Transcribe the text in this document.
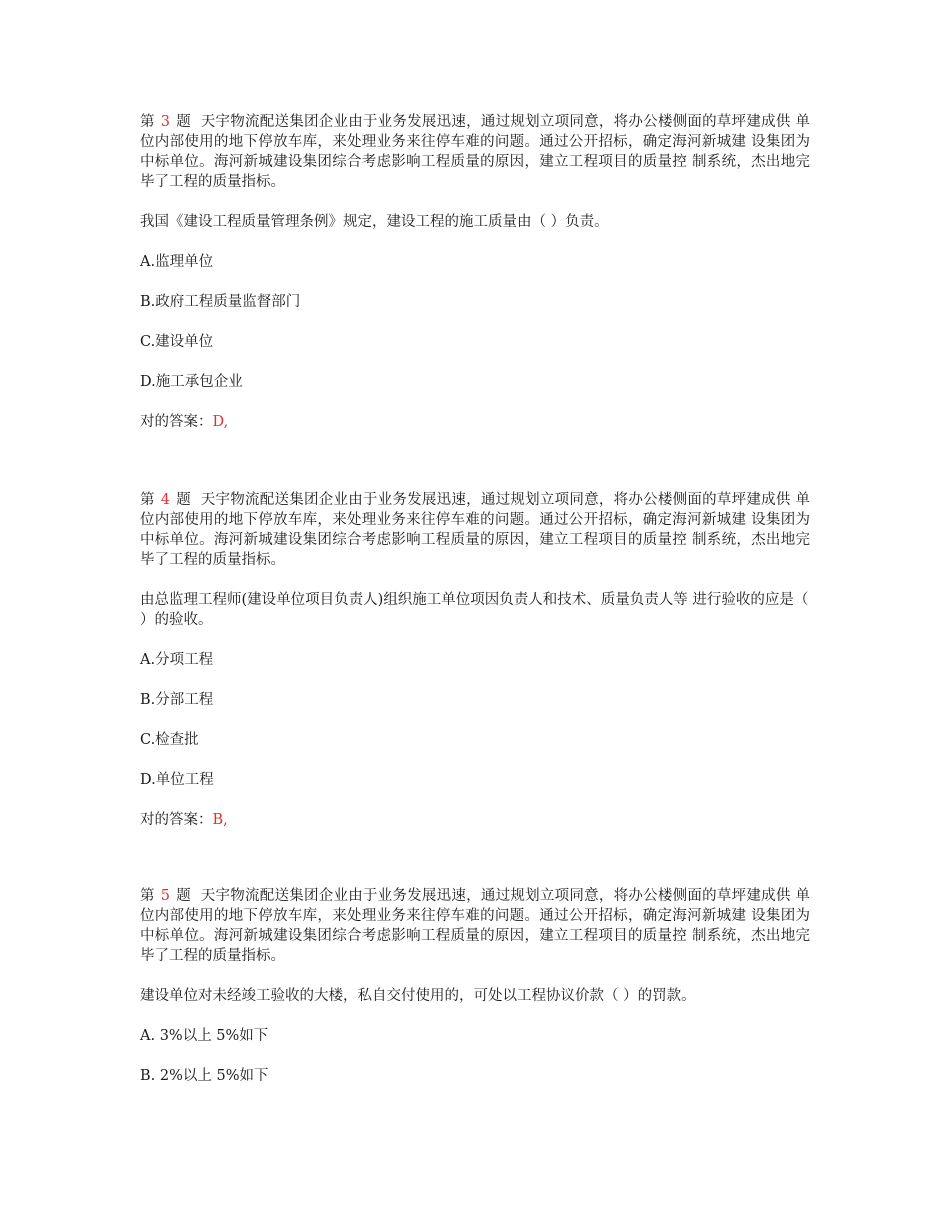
第 3 题 天宇物流配送集团企业由于业务发展迅速，通过规划立项同意，将办公楼侧面的草坪建成供 单位内部使用的地下停放车库，来处理业务来往停车难的问题。通过公开招标，确定海河新城建 设集团为中标单位。海河新城建设集团综合考虑影响工程质量的原因，建立工程项目的质量控 制系统，杰出地完毕了工程的质量指标。

我国《建设工程质量管理条例》规定，建设工程的施工质量由（ ）负责。

A.监理单位

B.政府工程质量监督部门

C.建设单位

D.施工承包企业

对的答案：D,

第 4 题 天宇物流配送集团企业由于业务发展迅速，通过规划立项同意，将办公楼侧面的草坪建成供 单位内部使用的地下停放车库，来处理业务来往停车难的问题。通过公开招标，确定海河新城建 设集团为中标单位。海河新城建设集团综合考虑影响工程质量的原因，建立工程项目的质量控 制系统，杰出地完毕了工程的质量指标。

由总监理工程师(建设单位项目负责人)组织施工单位项因负责人和技术、质量负责人等 进行验收的应是（ ）的验收。

A.分项工程

B.分部工程

C.检查批

D.单位工程

对的答案：B,

第 5 题 天宇物流配送集团企业由于业务发展迅速，通过规划立项同意，将办公楼侧面的草坪建成供 单位内部使用的地下停放车库，来处理业务来往停车难的问题。通过公开招标，确定海河新城建 设集团为中标单位。海河新城建设集团综合考虑影响工程质量的原因，建立工程项目的质量控 制系统，杰出地完毕了工程的质量指标。

建设单位对未经竣工验收的大楼，私自交付使用的，可处以工程协议价款（ ）的罚款。

A. 3%以上 5%如下

B. 2%以上 5%如下
